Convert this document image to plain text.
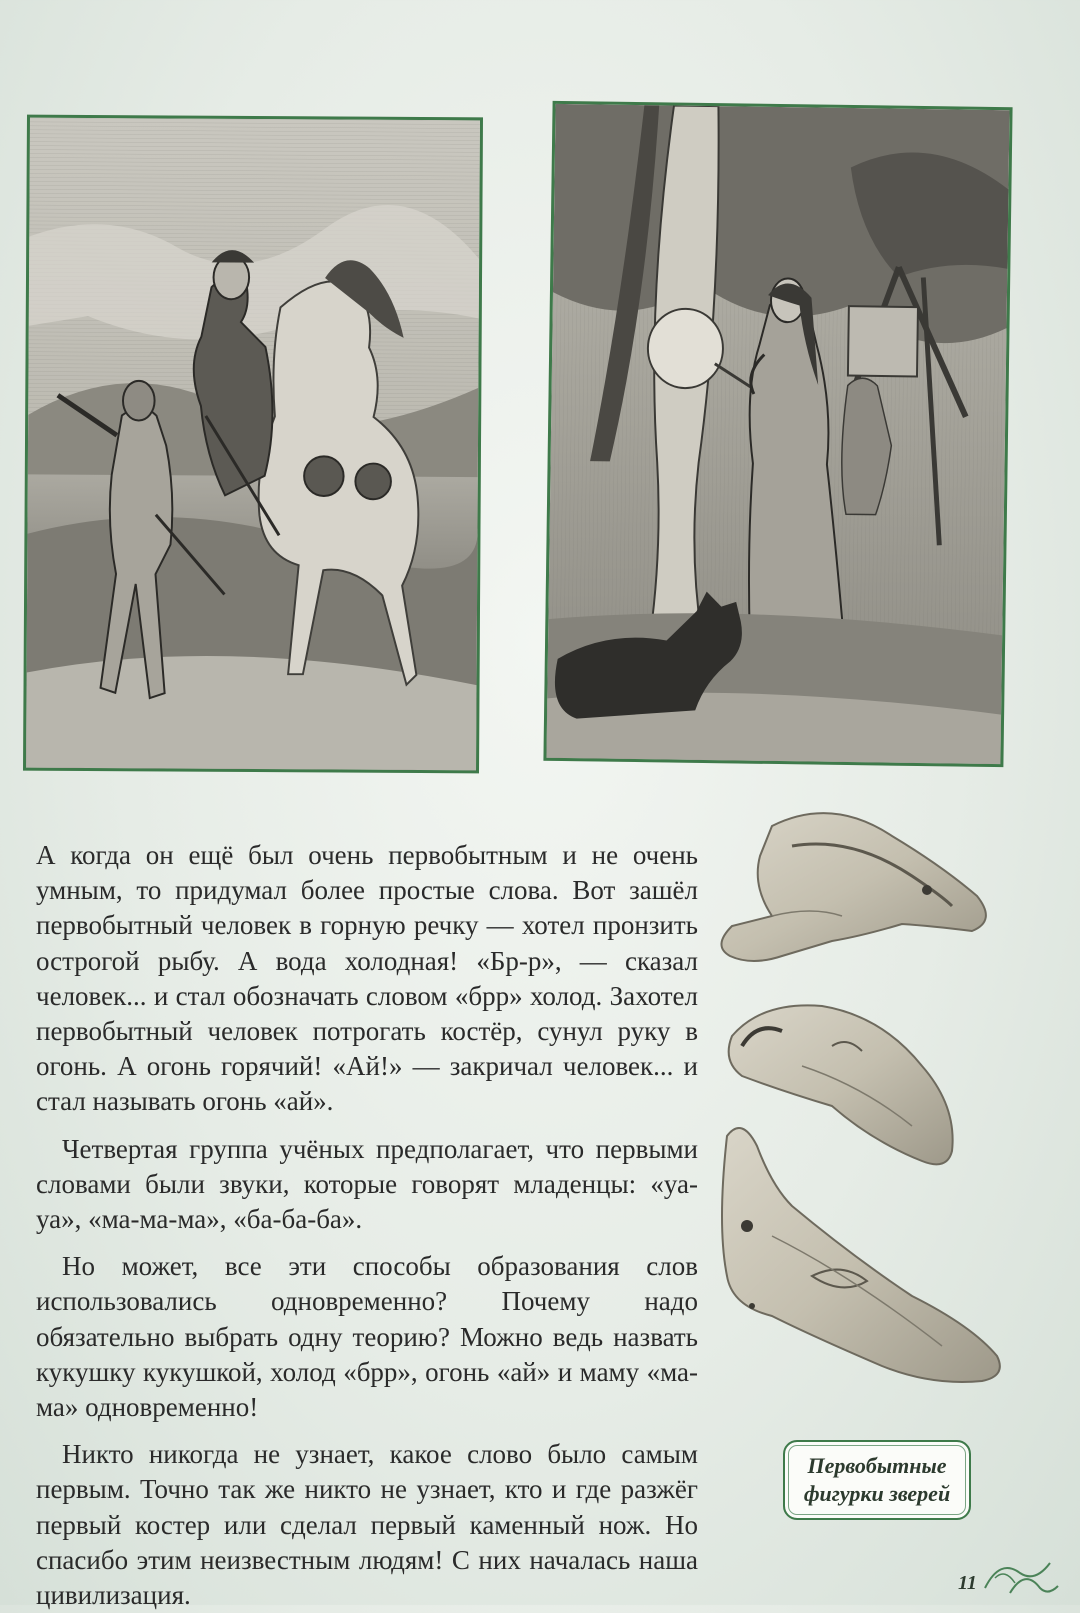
А когда он ещё был очень первобытным и не очень умным, то придумал более простые слова. Вот зашёл первобытный человек в горную речку — хотел пронзить острогой рыбу. А вода холодная! «Бр-р», — сказал человек... и стал обозначать словом «брр» холод. Захотел первобытный человек потрогать костёр, сунул руку в огонь. А огонь горячий! «Ай!» — закричал человек... и стал называть огонь «ай».

Четвертая группа учёных предполагает, что первыми словами были звуки, которые говорят младенцы: «уа-уа», «ма-ма-ма», «ба-ба-ба».

Но может, все эти способы образования слов использовались одновременно? Почему надо обязательно выбрать одну теорию? Можно ведь назвать кукушку кукушкой, холод «брр», огонь «ай» и маму «ма-ма» одновременно!

Никто никогда не узнает, какое слово было самым первым. Точно так же никто не узнает, кто и где разжёг первый костер или сделал первый каменный нож. Но спасибо этим неизвестным людям! С них началась наша цивилизация.

Первобытные
фигурки зверей
11
